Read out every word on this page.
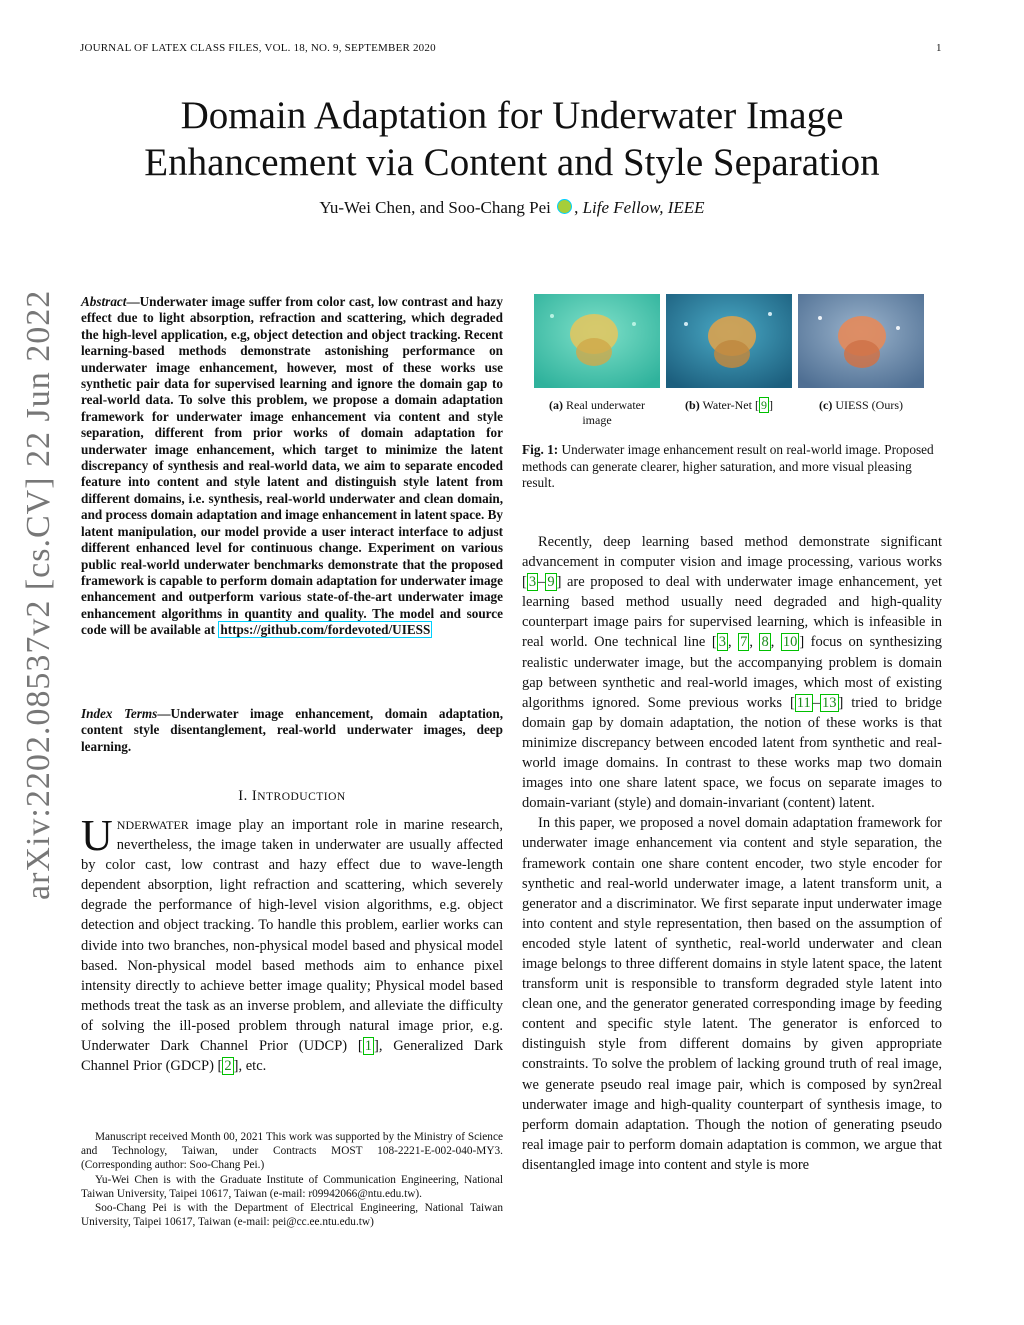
JOURNAL OF LATEX CLASS FILES, VOL. 18, NO. 9, SEPTEMBER 2020	1
Domain Adaptation for Underwater Image
Enhancement via Content and Style Separation
Yu-Wei Chen, and Soo-Chang Pei , Life Fellow, IEEE
arXiv:2202.08537v2 [cs.CV] 22 Jun 2022 Abstract—Underwater image suffer from color cast, low contrast and hazy effect due to light absorption, refraction and scattering, which degraded the high-level application, e.g, object detection and object tracking. Recent learning-based methods demonstrate astonishing performance on underwater image enhancement, however, most of these works use synthetic pair data for supervised learning and ignore the domain gap to real-world data. To solve this problem, we propose a domain adaptation framework for underwater image enhancement via content and style separation, different from prior works of domain adaptation for underwater image enhancement, which target to minimize the latent discrepancy of synthesis and real-world data, we aim to separate encoded feature into content and style latent and distinguish style latent from different domains, i.e. synthesis, real-world underwater and clean domain, and process domain adaptation and image enhancement in latent space. By latent manipulation, our model provide a user interact interface to adjust different enhanced level for continuous change. Experiment on various public real-world underwater benchmarks demonstrate that the proposed framework is capable to perform domain adaptation for underwater image enhancement and outperform various state-of-the-art underwater image enhancement algorithms in quantity and quality. The model and source code will be available at https://github.com/fordevoted/UIESS
Index Terms—Underwater image enhancement, domain adaptation, content style disentanglement, real-world underwater images, deep learning.
I. INTRODUCTION
UNDERWATER image play an important role in marine research, nevertheless, the image taken in underwater are usually affected by color cast, low contrast and hazy effect due to wave-length dependent absorption, light refraction and scattering, which severely degrade the performance of high-level vision algorithms, e.g. object detection and object tracking. To handle this problem, earlier works can divide into two branches, non-physical model based and physical model based. Non-physical model based methods aim to enhance pixel intensity directly to achieve better image quality; Physical model based methods treat the task as an inverse problem, and alleviate the difficulty of solving the ill-posed problem through natural image prior, e.g. Underwater Dark Channel Prior (UDCP) [ 1 ], Generalized Dark Channel Prior (GDCP) [ 2 ], etc.

Manuscript received Month 00, 2021 This work was supported by the Ministry of Science and Technology, Taiwan, under Contracts MOST 108-2221-E-002-040-MY3. (Corresponding author: Soo-Chang Pei.)

Yu-Wei Chen is with the Graduate Institute of Communication Engineering, National Taiwan University, Taipei 10617, Taiwan (e-mail: r09942066@ntu.edu.tw).

Soo-Chang Pei is with the Department of Electrical Engineering, National Taiwan University, Taipei 10617, Taiwan (e-mail: pei@cc.ee.ntu.edu.tw)

(a) Real underwater image
(b) Water-Net [ 9 ]	(c) UIESS (Ours)
Fig. 1: Underwater image enhancement result on real-world image. Proposed methods can generate clearer, higher saturation, and more visual pleasing result.

Recently, deep learning based method demonstrate significant advancement in computer vision and image processing, various works [ 3 – 9 ] are proposed to deal with underwater image enhancement, yet learning based method usually need degraded and high-quality counterpart image pairs for supervised learning, which is infeasible in real world. One technical line [ 3 , 7 , 8 , 10 ] focus on synthesizing realistic underwater image, but the accompanying problem is domain gap between synthetic and real-world images, which most of existing algorithms ignored. Some previous works [ 11 – 13 ] tried to bridge domain gap by domain adaptation, the notion of these works is that minimize discrepancy between encoded latent from synthetic and real-world image domains. In contrast to these works map two domain images into one share latent space, we focus on separate images to domain-variant (style) and domain-invariant (content) latent.

In this paper, we proposed a novel domain adaptation framework for underwater image enhancement via content and style separation, the framework contain one share content encoder, two style encoder for synthetic and real-world underwater image, a latent transform unit, a generator and a discriminator. We first separate input underwater image into content and style representation, then based on the assumption of encoded style latent of synthetic, real-world underwater and clean image belongs to three different domains in style latent space, the latent transform unit is responsible to transform degraded style latent into clean one, and the generator generated corresponding image by feeding content and specific style latent. The generator is enforced to distinguish style from different domains by given appropriate constraints. To solve the problem of lacking ground truth of real image, we generate pseudo real image pair, which is composed by syn2real underwater image and high-quality counterpart of synthesis image, to perform domain adaptation. Though the notion of generating pseudo real image pair to perform domain adaptation is common, we argue that disentangled image into content and style is more
